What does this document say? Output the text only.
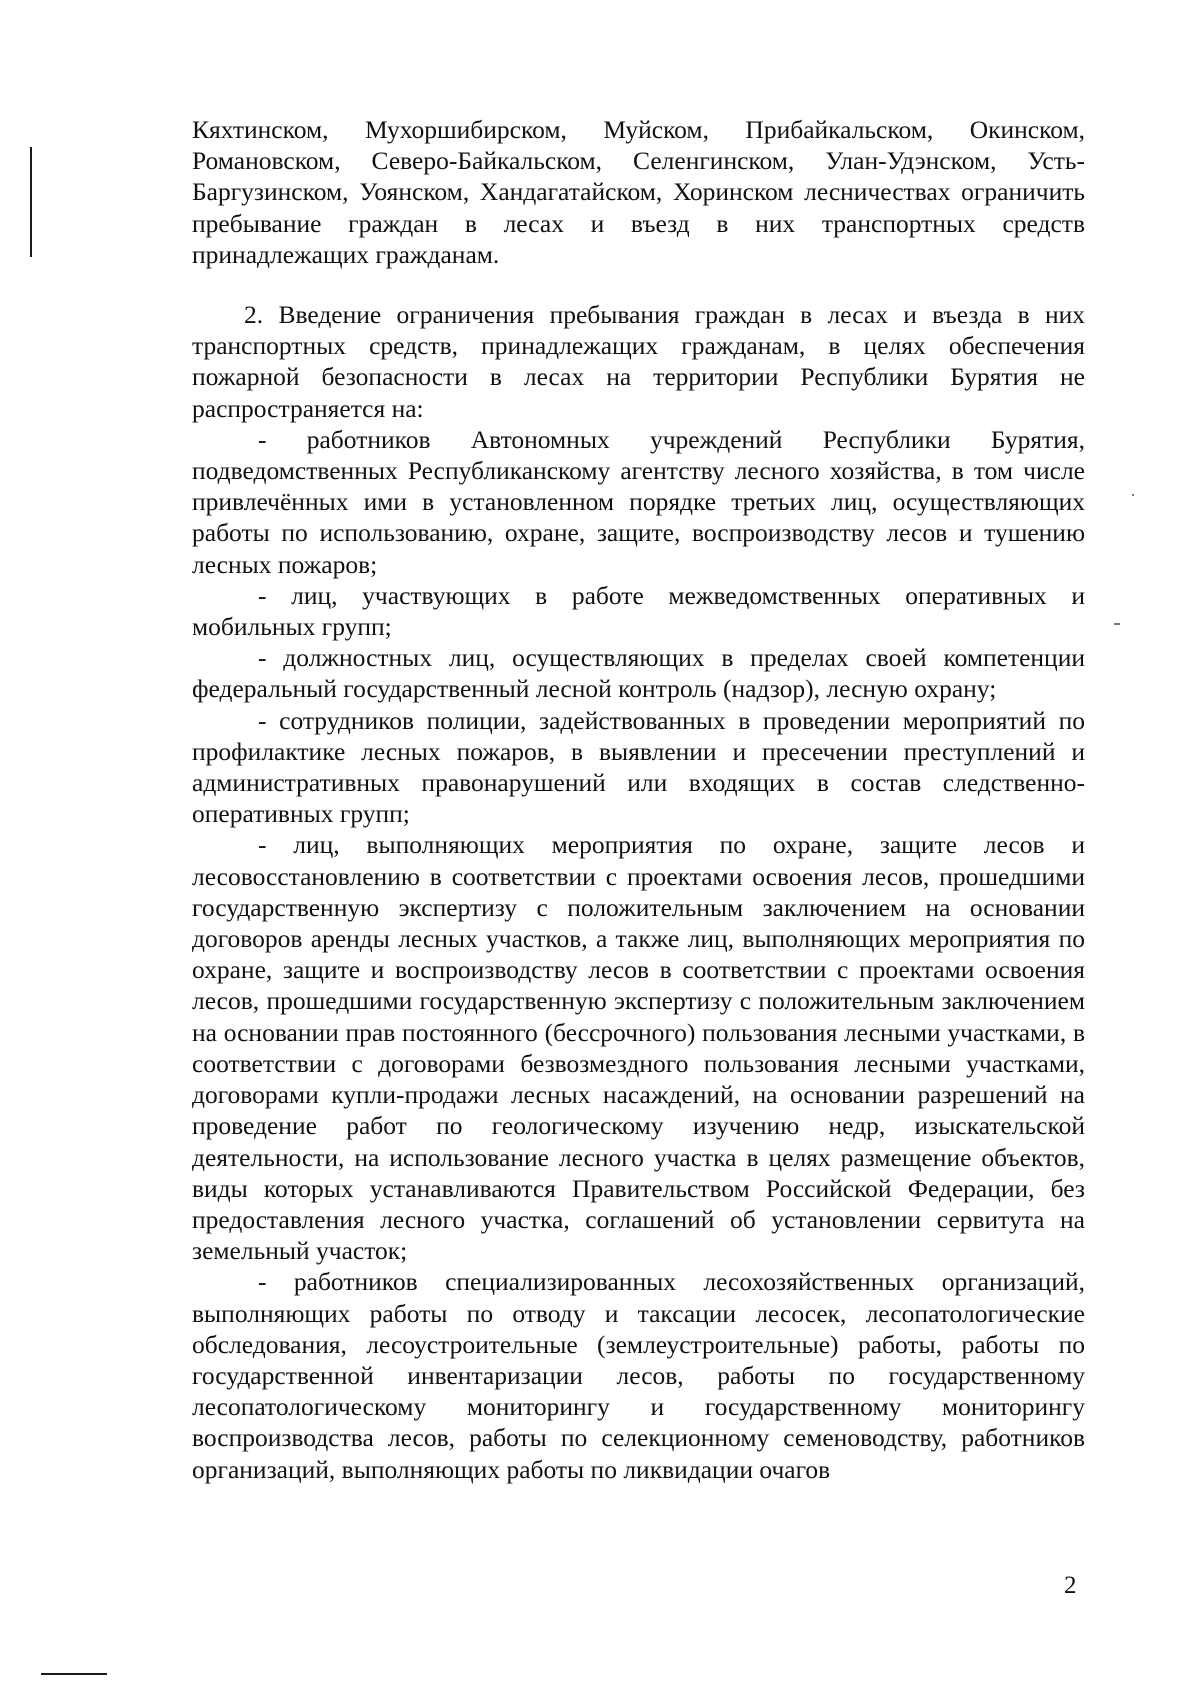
Кяхтинском, Мухоршибирском, Муйском, Прибайкальском, Окинском, Романовском, Северо-Байкальском, Селенгинском, Улан-Удэнском, Усть-Баргузинском, Уоянском, Хандагатайском, Хоринском лесничествах ограничить пребывание граждан в лесах и въезд в них транспортных средств принадлежащих гражданам.

2. Введение ограничения пребывания граждан в лесах и въезда в них транспортных средств, принадлежащих гражданам, в целях обеспечения пожарной безопасности в лесах на территории Республики Бурятия не распространяется на:

- работников Автономных учреждений Республики Бурятия, подведомственных Республиканскому агентству лесного хозяйства, в том числе привлечённых ими в установленном порядке третьих лиц, осуществляющих работы по использованию, охране, защите, воспроизводству лесов и тушению лесных пожаров;

- лиц, участвующих в работе межведомственных оперативных и мобильных групп;

- должностных лиц, осуществляющих в пределах своей компетенции федеральный государственный лесной контроль (надзор), лесную охрану;

- сотрудников полиции, задействованных в проведении мероприятий по профилактике лесных пожаров, в выявлении и пресечении преступлений и административных правонарушений или входящих в состав следственно-оперативных групп;

- лиц, выполняющих мероприятия по охране, защите лесов и лесовосстановлению в соответствии с проектами освоения лесов, прошедшими государственную экспертизу с положительным заключением на основании договоров аренды лесных участков, а также лиц, выполняющих мероприятия по охране, защите и воспроизводству лесов в соответствии с проектами освоения лесов, прошедшими государственную экспертизу с положительным заключением на основании прав постоянного (бессрочного) пользования лесными участками, в соответствии с договорами безвозмездного пользования лесными участками, договорами купли-продажи лесных насаждений, на основании разрешений на проведение работ по геологическому изучению недр, изыскательской деятельности, на использование лесного участка в целях размещение объектов, виды которых устанавливаются Правительством Российской Федерации, без предоставления лесного участка, соглашений об установлении сервитута на земельный участок;

- работников специализированных лесохозяйственных организаций, выполняющих работы по отводу и таксации лесосек, лесопатологические обследования, лесоустроительные (землеустроительные) работы, работы по государственной инвентаризации лесов, работы по государственному лесопатологическому мониторингу и государственному мониторингу воспроизводства лесов, работы по селекционному семеноводству, работников организаций, выполняющих работы по ликвидации очагов

2
